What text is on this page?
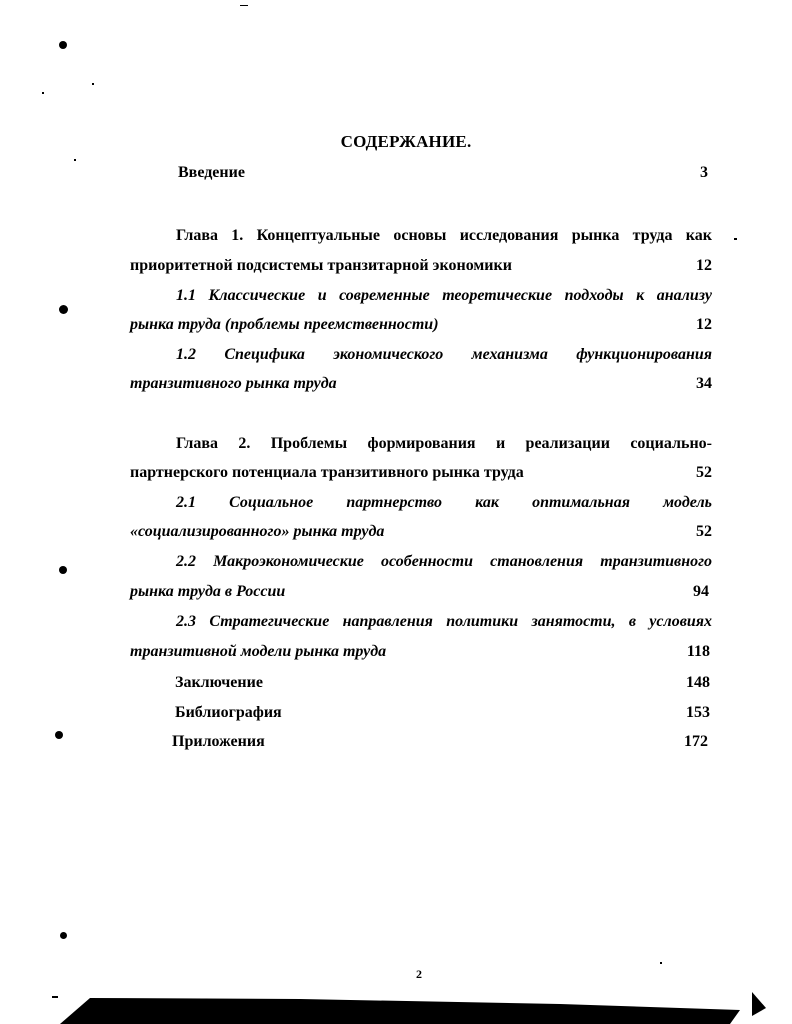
СОДЕРЖАНИЕ.
Введение	3
Глава 1. Концептуальные основы исследования рынка труда как
приоритетной подсистемы транзитарной экономики	12
1.1 Классические и современные теоретические подходы к анализу
рынка труда (проблемы преемственности)	12
1.2 Специфика экономического механизма функционирования
транзитивного рынка труда	34
Глава 2. Проблемы формирования и реализации социально-
партнерского потенциала транзитивного рынка труда	52
2.1 Социальное партнерство как оптимальная модель
«социализированного» рынка труда	52
2.2 Макроэкономические особенности становления транзитивного
рынка труда в России	94
2.3 Стратегические направления политики занятости, в условиях
транзитивной модели рынка труда	118
Заключение	148
Библиография	153
Приложения	172
2
